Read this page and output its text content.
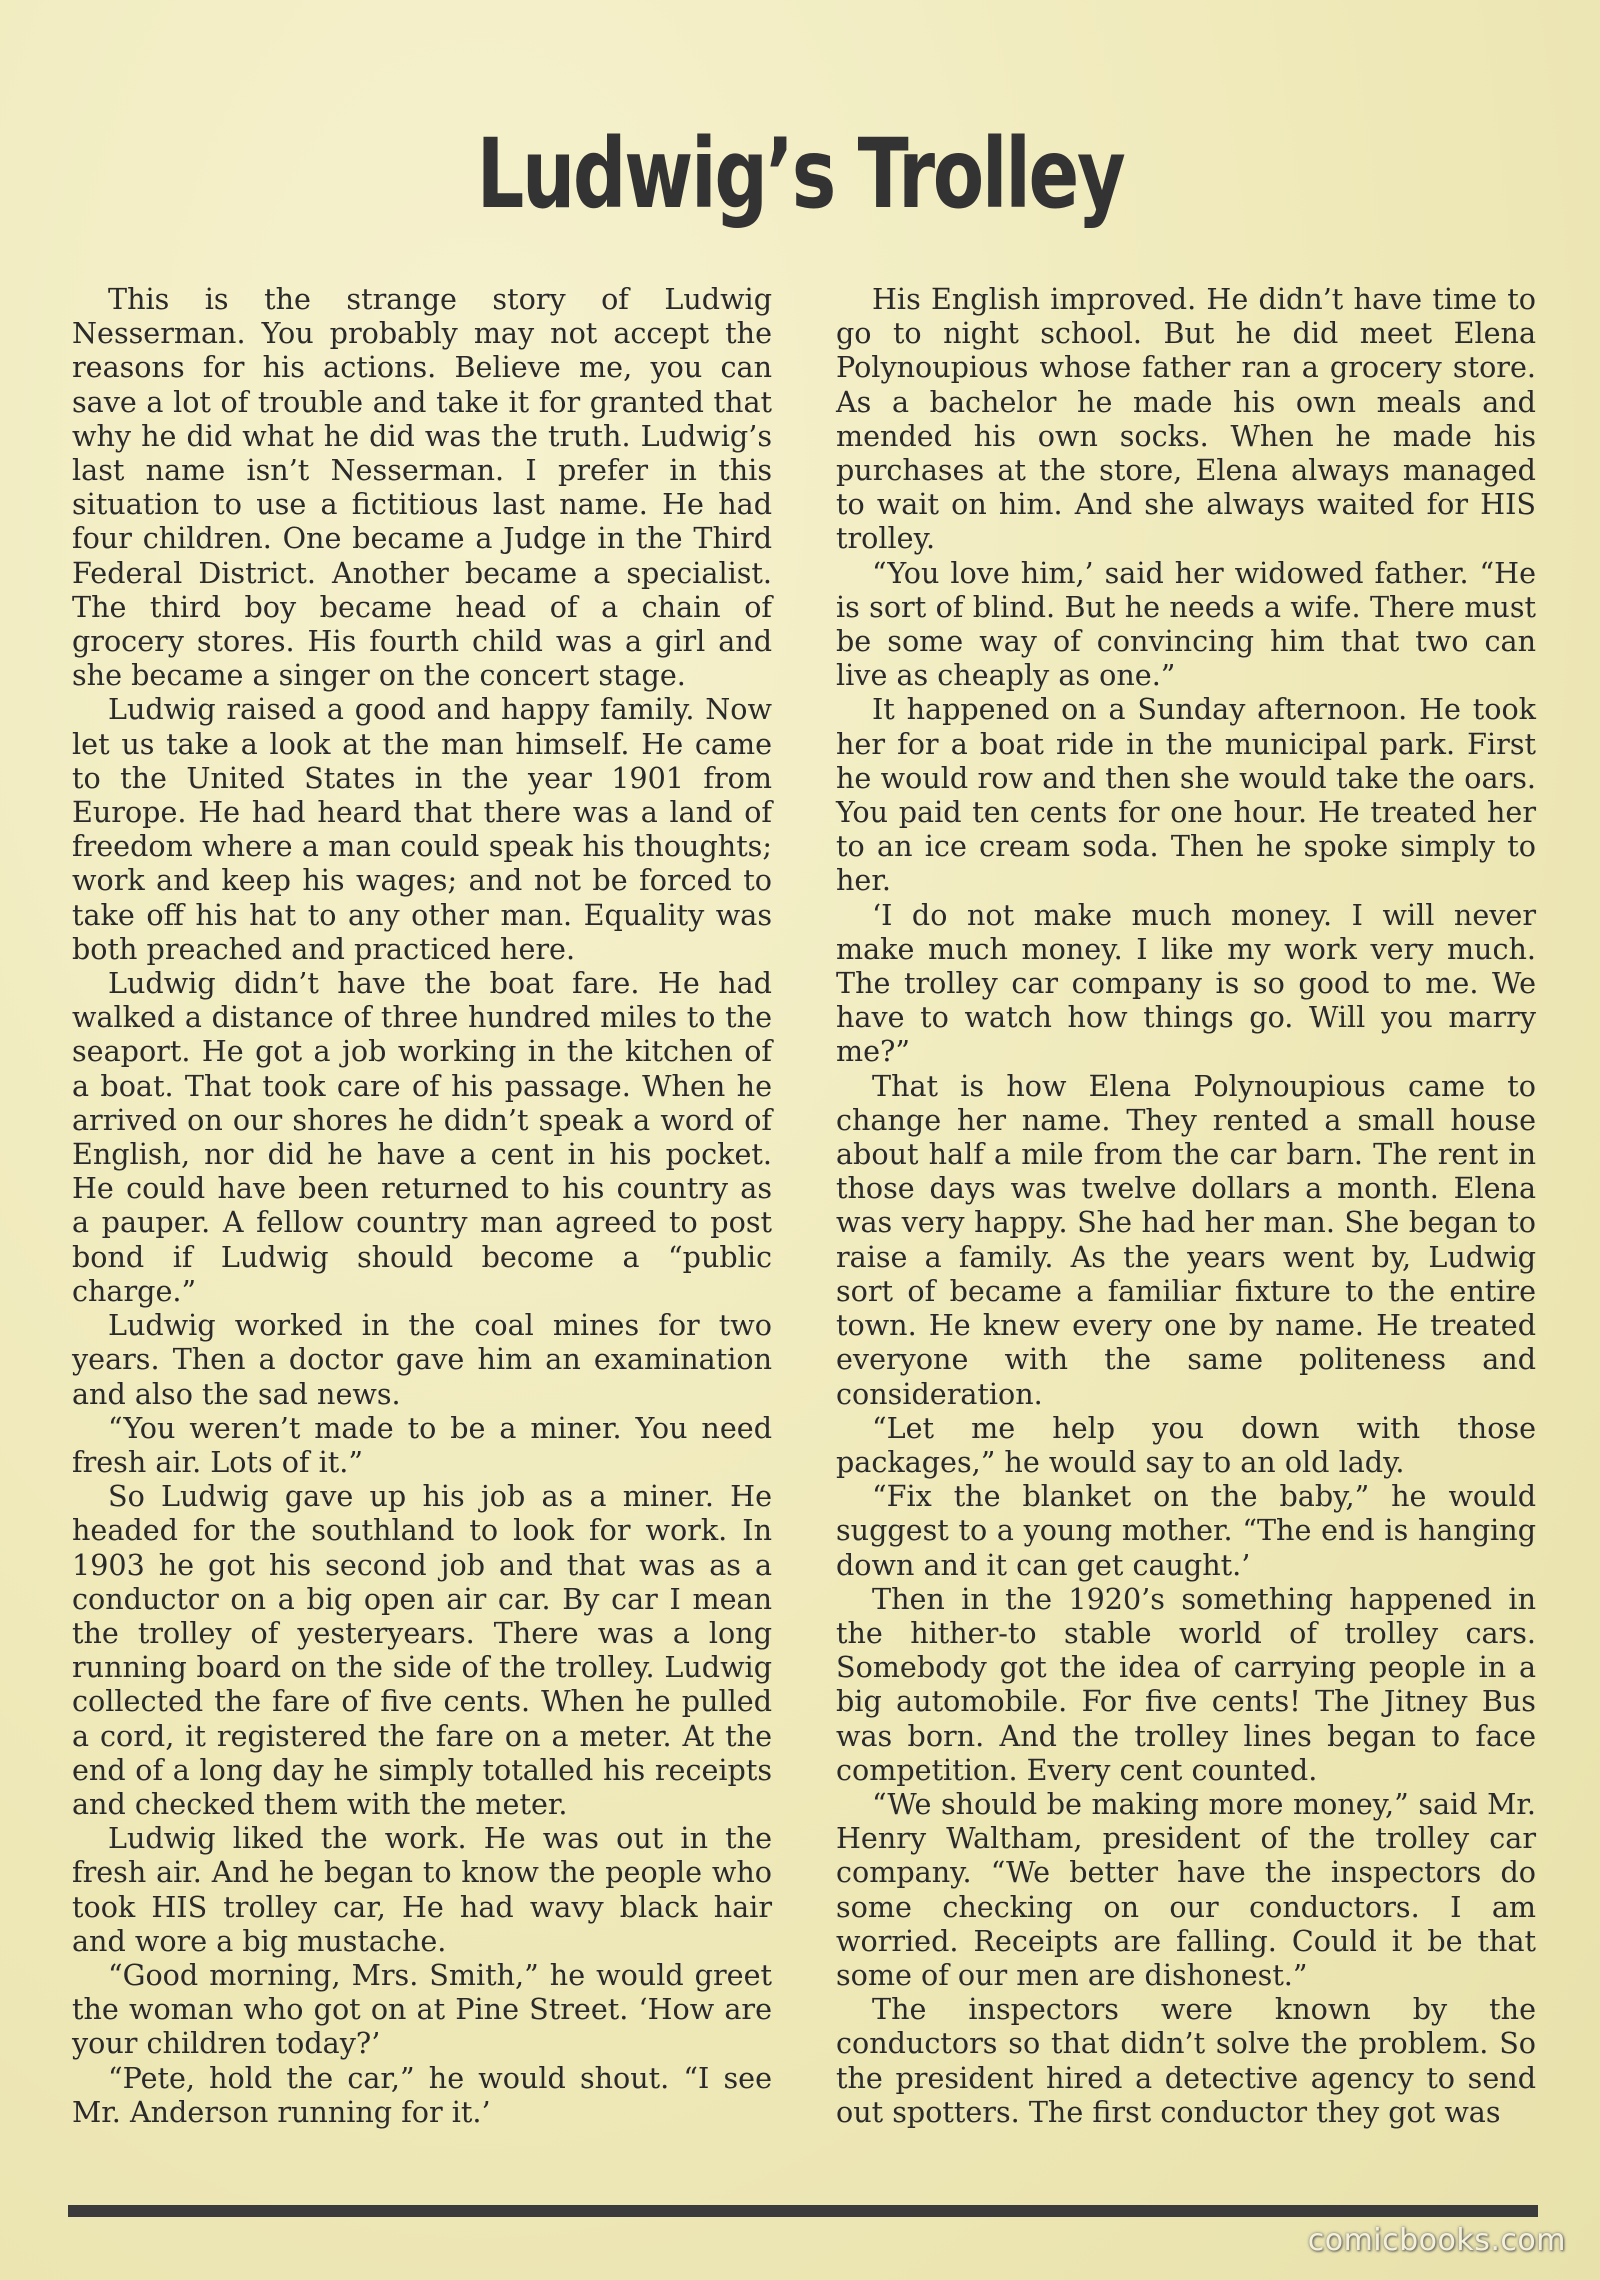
Ludwig’s Trolley

This is the strange story of Ludwig Nesserman. You probably may not accept the reasons for his actions. Believe me, you can save a lot of trouble and take it for granted that why he did what he did was the truth. Ludwig’s last name isn’t Nesserman. I prefer in this situation to use a fictitious last name. He had four children. One became a Judge in the Third Federal District. Another became a specialist. The third boy became head of a chain of grocery stores. His fourth child was a girl and she became a singer on the concert stage.

Ludwig raised a good and happy family. Now let us take a look at the man himself. He came to the United States in the year 1901 from Europe. He had heard that there was a land of freedom where a man could speak his thoughts; work and keep his wages; and not be forced to take off his hat to any other man. Equality was both preached and practiced here.

Ludwig didn’t have the boat fare. He had walked a distance of three hundred miles to the seaport. He got a job working in the kitchen of a boat. That took care of his passage. When he arrived on our shores he didn’t speak a word of English, nor did he have a cent in his pocket. He could have been returned to his country as a pauper. A fellow country man agreed to post bond if Ludwig should become a “public charge.”

Ludwig worked in the coal mines for two years. Then a doctor gave him an examination and also the sad news.

“You weren’t made to be a miner. You need fresh air. Lots of it.”

So Ludwig gave up his job as a miner. He headed for the southland to look for work. In 1903 he got his second job and that was as a conductor on a big open air car. By car I mean the trolley of yesteryears. There was a long running board on the side of the trolley. Ludwig collected the fare of five cents. When he pulled a cord, it registered the fare on a meter. At the end of a long day he simply totalled his receipts and checked them with the meter.

Ludwig liked the work. He was out in the fresh air. And he began to know the people who took HIS trolley car, He had wavy black hair and wore a big mustache.

“Good morning, Mrs. Smith,” he would greet the woman who got on at Pine Street. ‘How are your children today?’

“Pete, hold the car,” he would shout. “I see Mr. Anderson running for it.’

His English improved. He didn’t have time to go to night school. But he did meet Elena Polynoupious whose father ran a grocery store. As a bachelor he made his own meals and mended his own socks. When he made his purchases at the store, Elena always managed to wait on him. And she always waited for HIS trolley.

“You love him,’ said her widowed father. “He is sort of blind. But he needs a wife. There must be some way of convincing him that two can live as cheaply as one.”

It happened on a Sunday afternoon. He took her for a boat ride in the municipal park. First he would row and then she would take the oars. You paid ten cents for one hour. He treated her to an ice cream soda. Then he spoke simply to her.

‘I do not make much money. I will never make much money. I like my work very much. The trolley car company is so good to me. We have to watch how things go. Will you marry me?”

That is how Elena Polynoupious came to change her name. They rented a small house about half a mile from the car barn. The rent in those days was twelve dollars a month. Elena was very happy. She had her man. She began to raise a family. As the years went by, Ludwig sort of became a familiar fixture to the entire town. He knew every one by name. He treated everyone with the same politeness and consideration.

“Let me help you down with those packages,” he would say to an old lady.

“Fix the blanket on the baby,” he would suggest to a young mother. “The end is hanging down and it can get caught.’

Then in the 1920’s something happened in the hither-to stable world of trolley cars. Somebody got the idea of carrying people in a big automobile. For five cents! The Jitney Bus was born. And the trolley lines began to face competition. Every cent counted.

“We should be making more money,” said Mr. Henry Waltham, president of the trolley car company. “We better have the inspectors do some checking on our conductors. I am worried. Receipts are falling. Could it be that some of our men are dishonest.”

The inspectors were known by the conductors so that didn’t solve the problem. So the president hired a detective agency to send out spotters. The first conductor they got was

comicbooks.com
